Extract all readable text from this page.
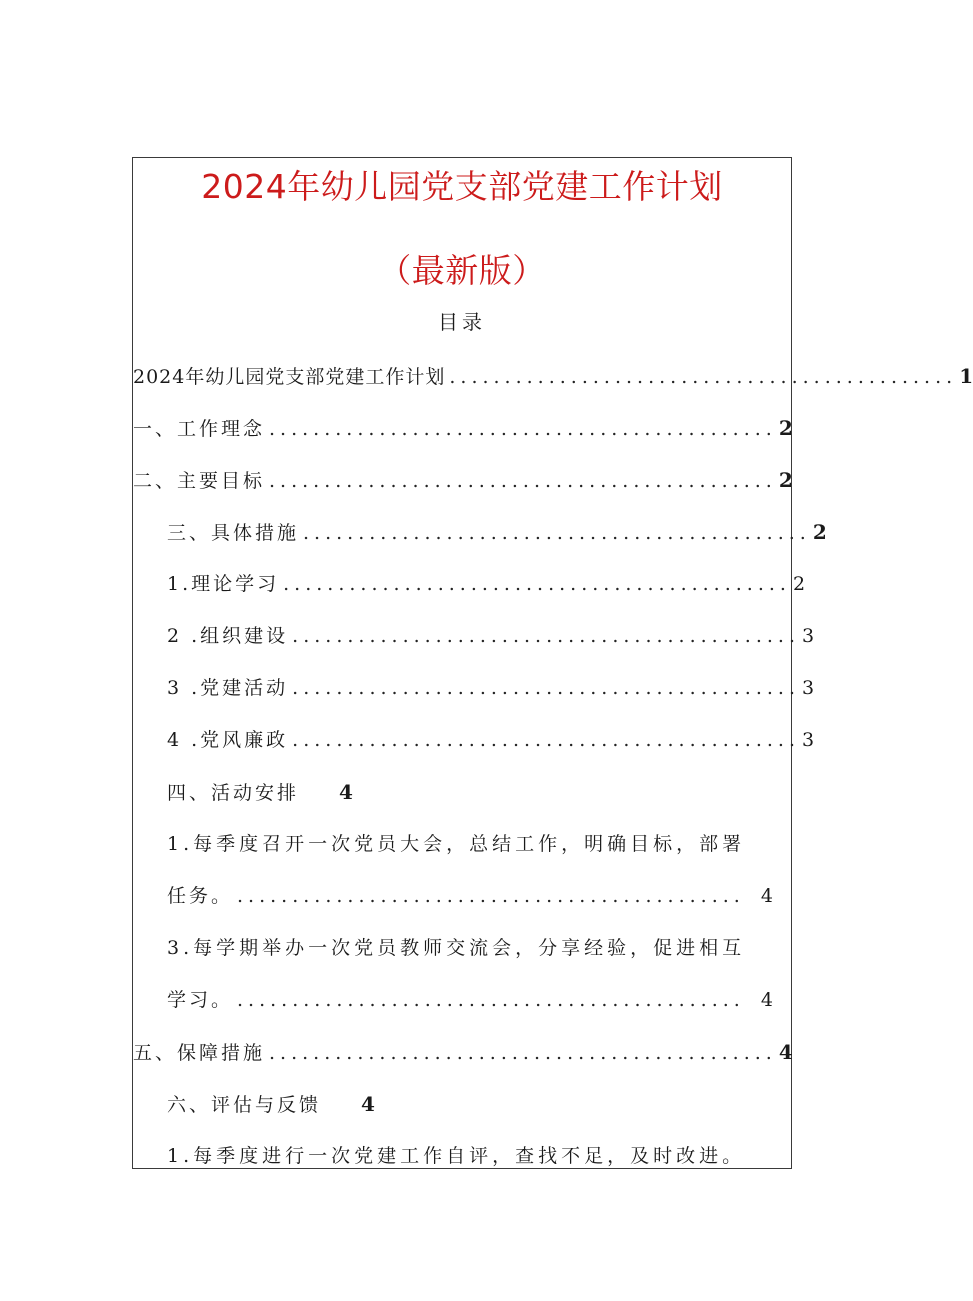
2024年幼儿园党支部党建工作计划
（最新版）
目录
2024年幼儿园党支部党建工作计划 .............................................. 1
一、工作理念 .............................................. 2
二、主要目标 .............................................. 2
三、具体措施 .............................................. 2
1.理论学习 .............................................. 2
2 .组织建设 .............................................. 3
3 .党建活动 .............................................. 3
4 .党风廉政 .............................................. 3
四、活动安排 4
1.每季度召开一次党员大会，总结工作，明确目标，部署
任务。 .............................................. 4
3.每学期举办一次党员教师交流会，分享经验，促进相互
学习。 .............................................. 4
五、保障措施 .............................................. 4
六、评估与反馈 4
1.每季度进行一次党建工作自评，查找不足，及时改进。
